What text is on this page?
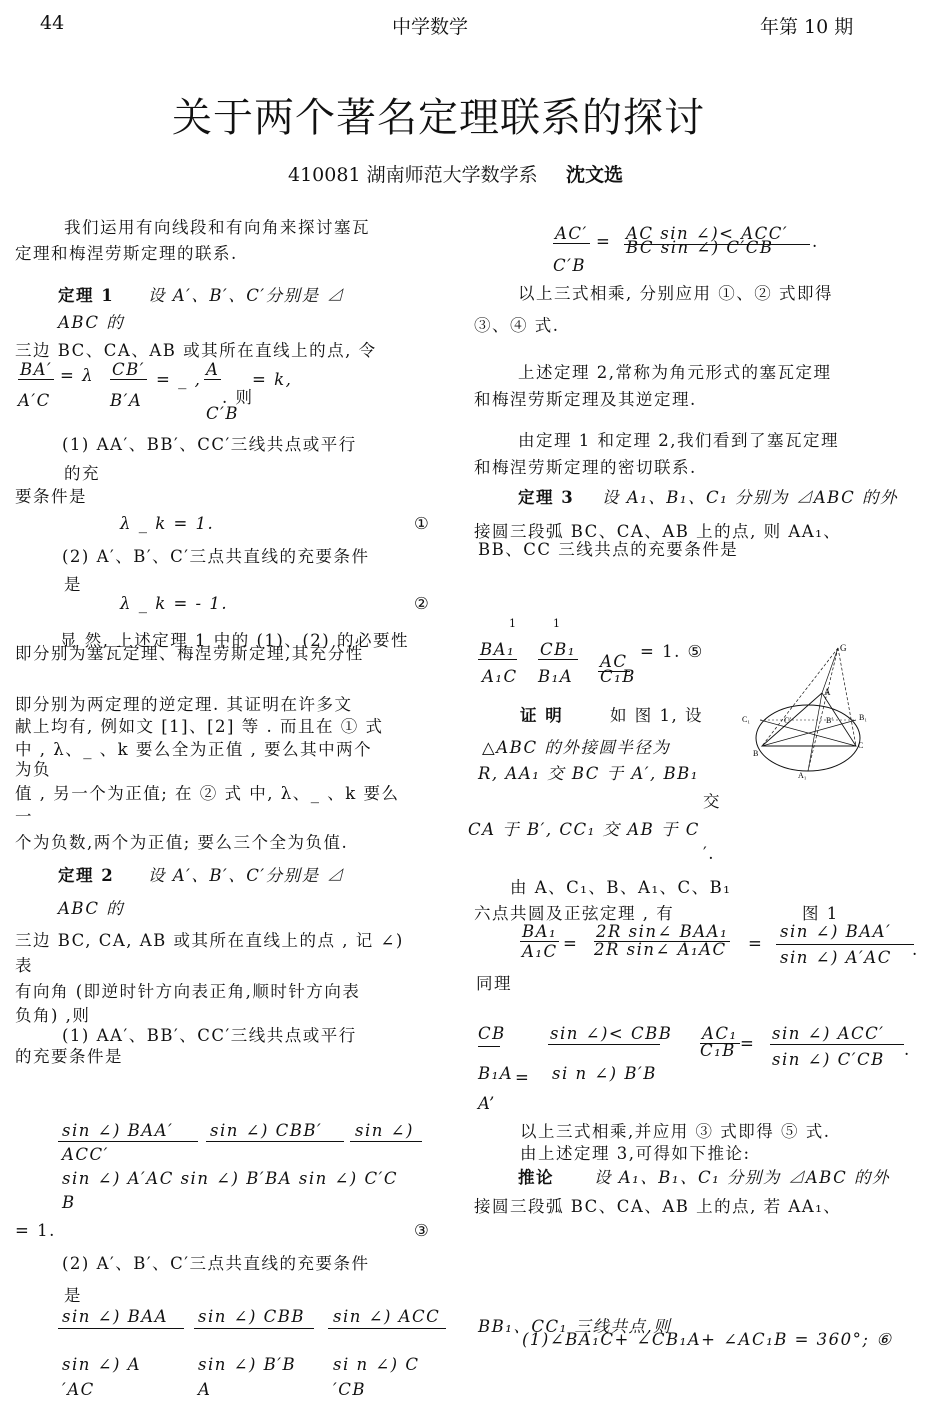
44	中学数学	年第 10 期
关于两个著名定理联系的探讨
410081 湖南师范大学数学系 沈文选
我们运用有向线段和有向角来探讨塞瓦
定理和梅涅劳斯定理的联系.
定理 1 设 A′、B′、C′分别是 ⊿
ABC 的
三边 BC、CA、AB 或其所在直线上的点, 令
BA′ = λ CB′
= _ ,
A
= k,
A′C	B′A	. 则
C′B
(1) AA′、BB′、CC′三线共点或平行
的充
要条件是
λ _ k = 1.	①
(2) A′、B′、C′三点共直线的充要条件
是
λ _ k = - 1.	②
显 然, 上述定理 1 中的 (1)、(2) 的必要性
即分别为塞瓦定理、梅涅劳斯定理,其充分性
即分别为两定理的逆定理. 其证明在许多文
献上均有, 例如文 [1]、[2] 等 . 而且在 ① 式
中 , λ、_ 、k 要么全为正值 , 要么其中两个
为负
值 , 另一个为正值; 在 ② 式 中, λ、_ 、k 要么
一
个为负数,两个为正值; 要么三个全为负值.
定理 2 设 A′、B′、C′分别是 ⊿
ABC 的
三边 BC, CA, AB 或其所在直线上的点 , 记 ∠)
表
有向角 (即逆时针方向表正角,顺时针方向表
负角) ,则
(1) AA′、BB′、CC′三线共点或平行
的充要条件是
sin ∠) BAA′ sin ∠) CBB′ sin ∠)
ACC′
sin ∠) A′AC sin ∠) B′BA sin ∠) C′C
B
= 1.	③
(2) A′、B′、C′三点共直线的充要条件
是
sin ∠) BAA sin ∠) CBB sin ∠) ACC
sin ∠) A	sin ∠) B′B si n ∠) C
′AC	A	′CB
AC′ = AC sin ∠)< ACC′
BC sin ∠) C′CB .
C′B
以上三式相乘, 分别应用 ①、② 式即得
③、④ 式.
上述定理 2,常称为角元形式的塞瓦定理
和梅涅劳斯定理及其逆定理.
由定理 1 和定理 2,我们看到了塞瓦定理
和梅涅劳斯定理的密切联系.
定理 3 设 A₁、B₁、C₁ 分别为 ⊿ABC 的外
接圆三段弧 BC、CA、AB 上的点, 则 AA₁、
BB、CC 三线共点的充要条件是
1	1
BA₁ CB₁
AC
= 1. ⑤
A₁C B₁A C₁B
证 明	如 图 1, 设
△ABC 的外接圆半径为
R, AA₁ 交 BC 于 A′, BB₁
交
CA 于 B′, CC₁ 交 AB 于 C
′.
由 A、C₁、B、A₁、C、B₁
六点共圆及正弦定理 , 有	图 1
G
A
C′	B′	B₁
C₁
C
B
A₁
BA₁
A₁C =
2R sin∠ BAA₁
2R sin∠ A₁AC =
sin ∠) BAA′
sin ∠) A′AC .
同理
CB
B₁A =
A’
sin ∠)< CBB
si n ∠) B′B
AC₁
C₁B =
sin ∠) ACC′
sin ∠) C′CB
.
以上三式相乘,并应用 ③ 式即得 ⑤ 式.
由上述定理 3,可得如下推论:
推论 设 A₁、B₁、C₁ 分别为 ⊿ABC 的外
接圆三段弧 BC、CA、AB 上的点, 若 AA₁、
BB₁、CC₁ 三线共点,则
(1)∠BA₁C+ ∠CB₁A+ ∠AC₁B = 360°; ⑥
